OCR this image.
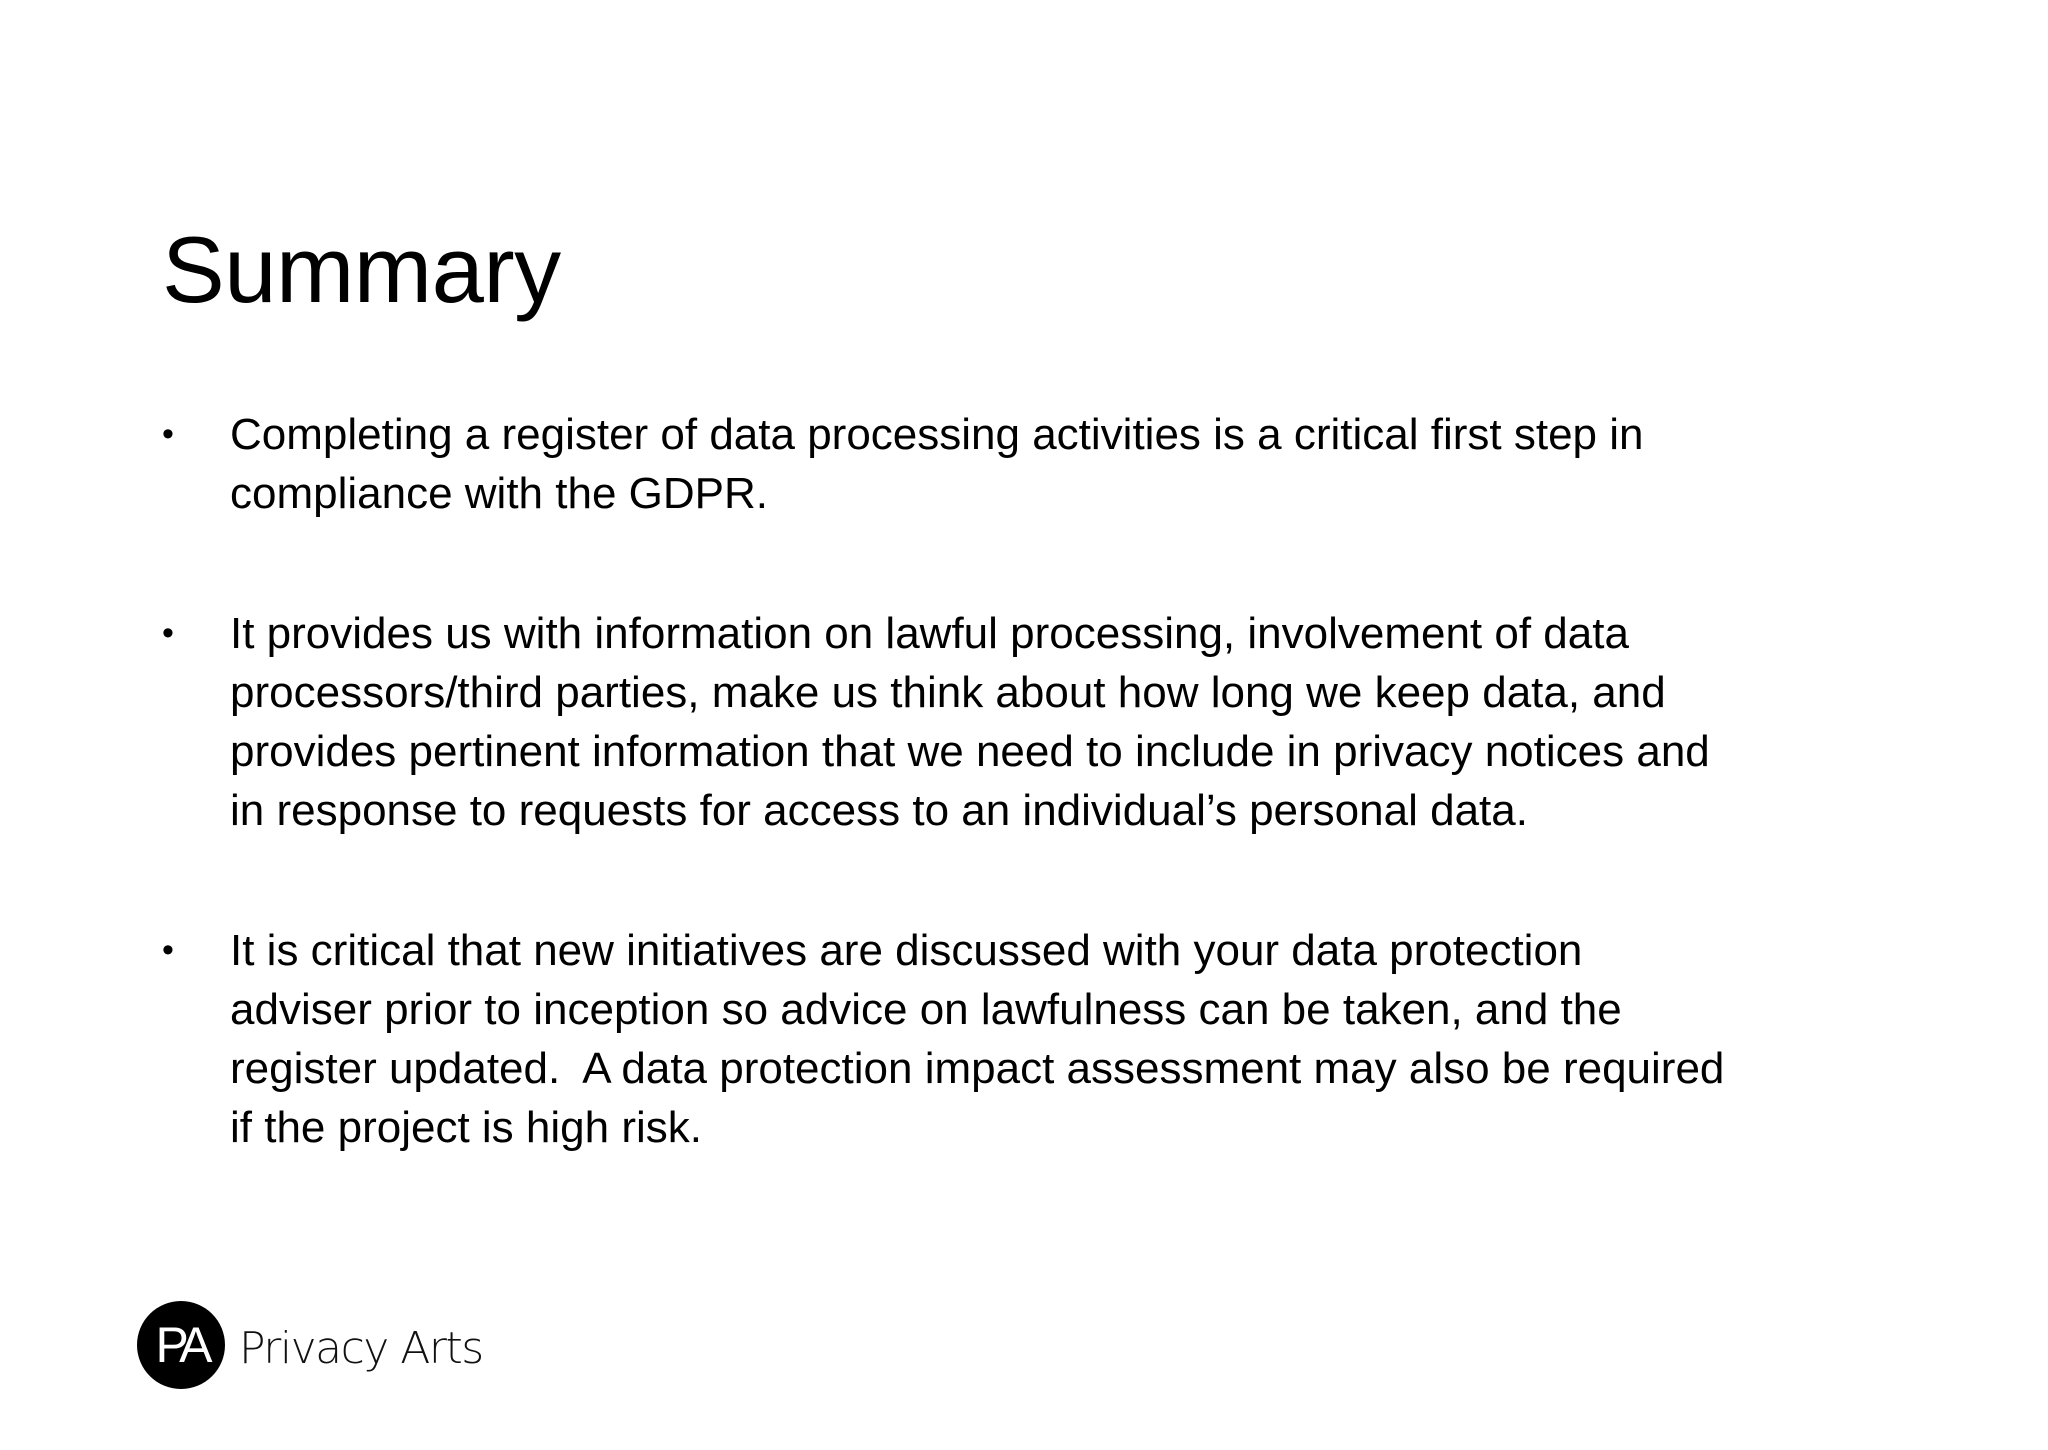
Summary
•	Completing a register of data processing activities is a critical first step in
compliance with the GDPR.
•	It provides us with information on lawful processing, involvement of data
processors/third parties, make us think about how long we keep data, and
provides pertinent information that we need to include in privacy notices and
in response to requests for access to an individual’s personal data.
•	It is critical that new initiatives are discussed with your data protection
adviser prior to inception so advice on lawfulness can be taken, and the
register updated.  A data protection impact assessment may also be required
if the project is high risk.
PA Privacy Arts
